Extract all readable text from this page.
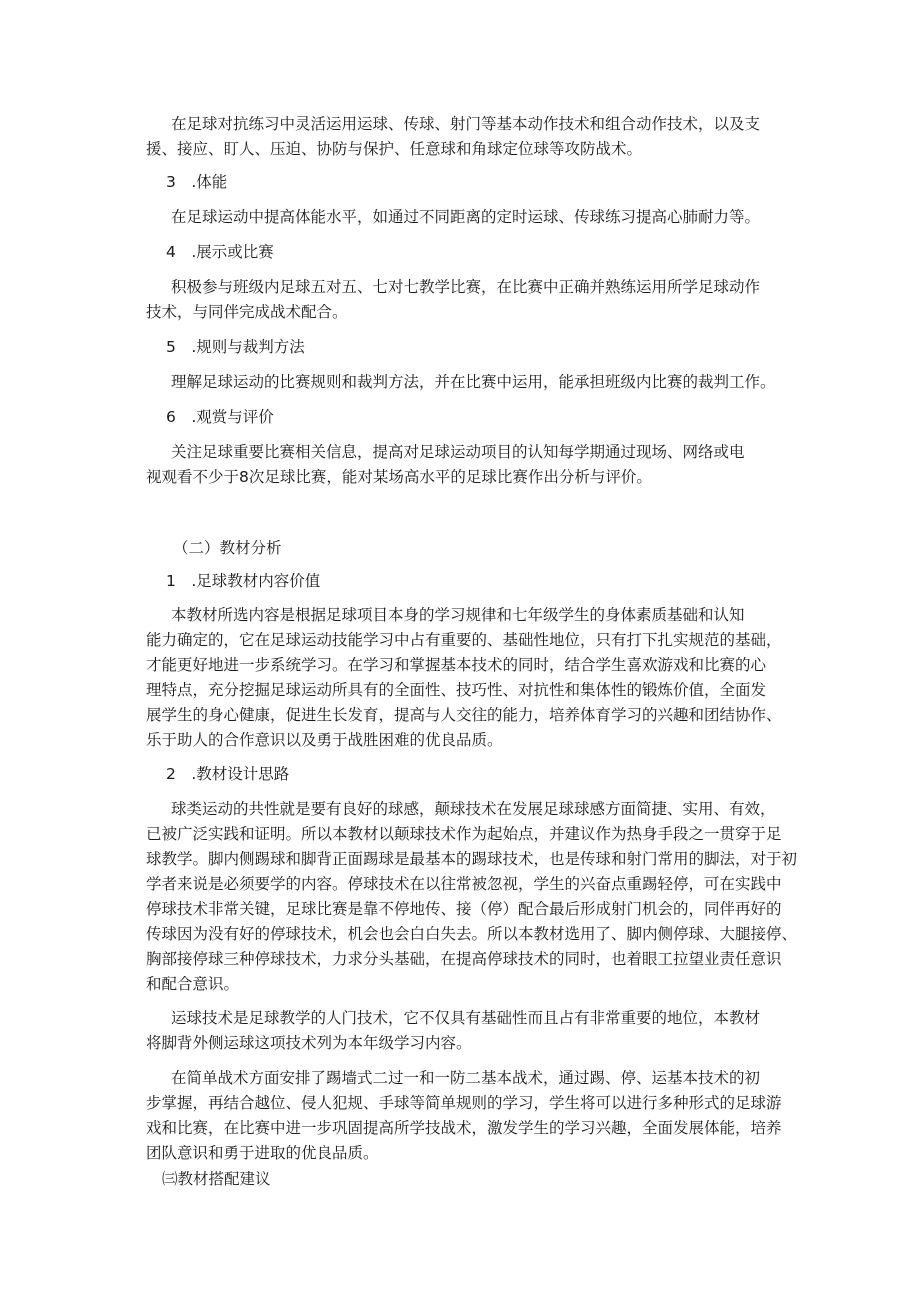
在足球对抗练习中灵活运用运球、传球、射门等基本动作技术和组合动作技术，以及支

援、接应、盯人、压迫、协防与保护、任意球和角球定位球等攻防战术。

3　.体能

在足球运动中提高体能水平，如通过不同距离的定时运球、传球练习提高心肺耐力等。

4　.展示或比赛

积极参与班级内足球五对五、七对七教学比赛，在比赛中正确并熟练运用所学足球动作

技术，与同伴完成战术配合。

5　.规则与裁判方法

理解足球运动的比赛规则和裁判方法，并在比赛中运用，能承担班级内比赛的裁判工作。

6　.观赏与评价

关注足球重要比赛相关信息，提高对足球运动项目的认知每学期通过现场、网络或电

视观看不少于8次足球比赛，能对某场高水平的足球比赛作出分析与评价。

（二）教材分析

1　.足球教材内容价值

本教材所选内容是根据足球项目本身的学习规律和七年级学生的身体素质基础和认知

能力确定的，它在足球运动技能学习中占有重要的、基础性地位，只有打下扎实规范的基础，

才能更好地进一步系统学习。在学习和掌握基本技术的同时，结合学生喜欢游戏和比赛的心

理特点，充分挖掘足球运动所具有的全面性、技巧性、对抗性和集体性的锻炼价值，全面发

展学生的身心健康，促进生长发育，提高与人交往的能力，培养体育学习的兴趣和团结协作、

乐于助人的合作意识以及勇于战胜困难的优良品质。

2　.教材设计思路

球类运动的共性就是要有良好的球感，颠球技术在发展足球球感方面简捷、实用、有效，

已被广泛实践和证明。所以本教材以颠球技术作为起始点，并建议作为热身手段之一贯穿于足

球教学。脚内侧踢球和脚背正面踢球是最基本的踢球技术，也是传球和射门常用的脚法，对于初

学者来说是必须要学的内容。停球技术在以往常被忽视，学生的兴奋点重踢轻停，可在实践中

停球技术非常关键，足球比赛是靠不停地传、接（停）配合最后形成射门机会的，同伴再好的

传球因为没有好的停球技术，机会也会白白失去。所以本教材选用了、脚内侧停球、大腿接停、

胸部接停球三种停球技术，力求分头基础，在提高停球技术的同时，也着眼工拉望业责任意识

和配合意识。

运球技术是足球教学的人门技术，它不仅具有基础性而且占有非常重要的地位，本教材

将脚背外侧运球这项技术列为本年级学习内容。

在简单战术方面安排了踢墙式二过一和一防二基本战术，通过踢、停、运基本技术的初

步掌握，再结合越位、侵人犯规、手球等简单规则的学习，学生将可以进行多种形式的足球游

戏和比赛，在比赛中进一步巩固提高所学技战术，激发学生的学习兴趣，全面发展体能，培养

团队意识和勇于进取的优良品质。

㈢教材搭配建议
